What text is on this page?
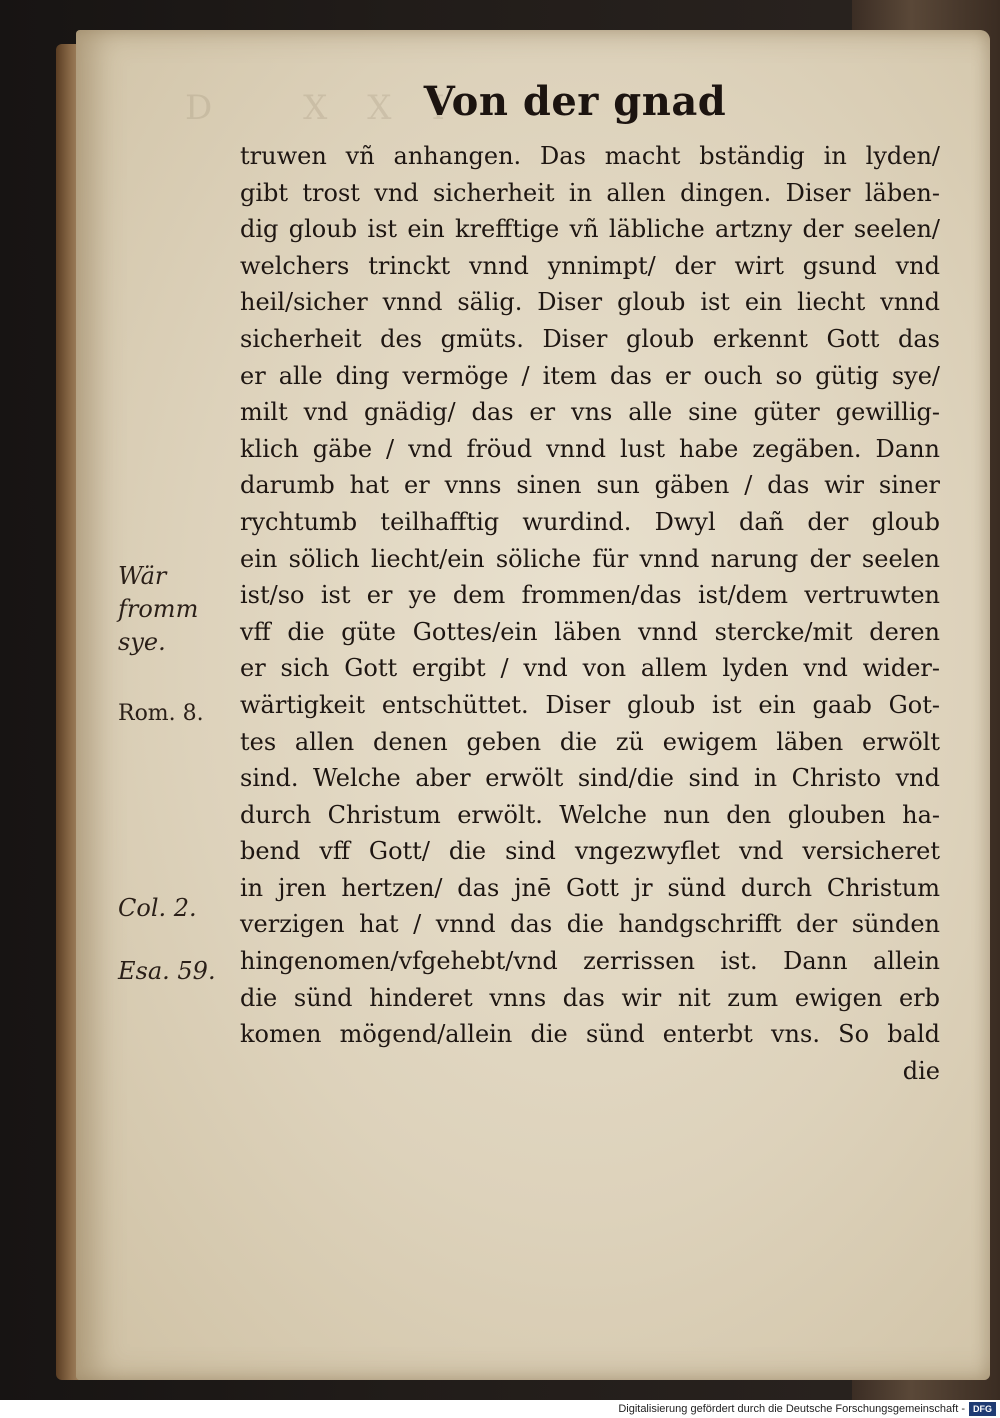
D XXI
Von der gnad
truwen vñ anhangen. Das macht bständig in lyden/
gibt trost vnd sicherheit in allen dingen. Diser läben-
dig gloub ist ein krefftige vñ läbliche artzny der seelen/
welchers trinckt vnnd ynnimpt/ der wirt gsund vnd
heil/sicher vnnd sälig. Diser gloub ist ein liecht vnnd
sicherheit des gmüts. Diser gloub erkennt Gott das
er alle ding vermöge / item das er ouch so gütig sye/
milt vnd gnädig/ das er vns alle sine güter gewillig-
klich gäbe / vnd fröud vnnd lust habe zegäben. Dann
darumb hat er vnns sinen sun gäben / das wir siner
rychtumb teilhafftig wurdind. Dwyl dañ der gloub
ein sölich liecht/ein söliche für vnnd narung der seelen
ist/so ist er ye dem frommen/das ist/dem vertruwten
vff die güte Gottes/ein läben vnnd stercke/mit deren
er sich Gott ergibt / vnd von allem lyden vnd wider-
wärtigkeit entschüttet. Diser gloub ist ein gaab Got-
tes allen denen geben die zü ewigem läben erwölt
sind. Welche aber erwölt sind/die sind in Christo vnd
durch Christum erwölt. Welche nun den glouben ha-
bend vff Gott/ die sind vngezwyflet vnd versicheret
in jren hertzen/ das jnē Gott jr sünd durch Christum
verzigen hat / vnnd das die handgschrifft der sünden
hingenomen/vfgehebt/vnd zerrissen ist. Dann allein
die sünd hinderet vnns das wir nit zum ewigen erb
komen mögend/allein die sünd enterbt vns. So bald
die
Wär
fromm
sye.
Rom. 8.
Col. 2.
Esa. 59.
Digitalisierung gefördert durch die Deutsche Forschungsgemeinschaft - DFG
